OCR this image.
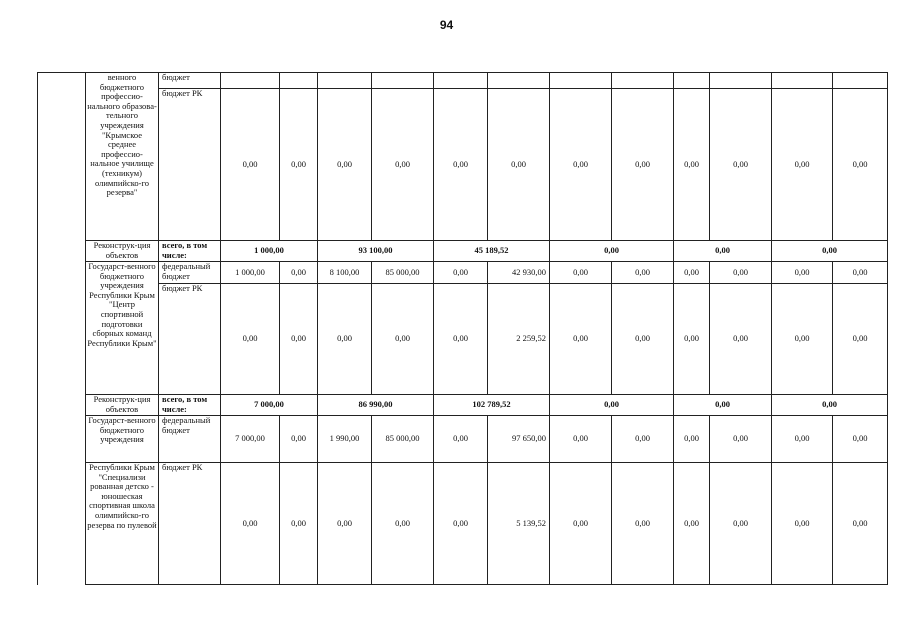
94
	венного бюджетного профессио-нального образова-тельного учреждения "Крымское среднее профессио-нальное училище (техникум) олимпийско-го резерва"	бюджет												
		бюджет РК	0,00	0,00	0,00	0,00	0,00	0,00	0,00	0,00	0,00	0,00	0,00	0,00
	Реконструк-ция объектов	всего, в том числе:	1 000,00		93 100,00		45 189,52		0,00		0,00		0,00	
	Государст-венного бюджетного учреждения Республики Крым "Центр спортивной подготовки сборных команд Республики Крым"	федеральный бюджет	1 000,00	0,00	8 100,00	85 000,00	0,00	42 930,00	0,00	0,00	0,00	0,00	0,00	0,00
		бюджет РК	0,00	0,00	0,00	0,00	0,00	2 259,52	0,00	0,00	0,00	0,00	0,00	0,00
	Реконструк-ция объектов	всего, в том числе:	7 000,00		86 990,00		102 789,52		0,00		0,00		0,00	
	Государст-венного бюджетного учреждения	федеральный бюджет	7 000,00	0,00	1 990,00	85 000,00	0,00	97 650,00	0,00	0,00	0,00	0,00	0,00	0,00
	Республики Крым "Специализи рованная детско - юношеская спортивная школа олимпийско-го резерва по пулевой	бюджет РК	0,00	0,00	0,00	0,00	0,00	5 139,52	0,00	0,00	0,00	0,00	0,00	0,00
